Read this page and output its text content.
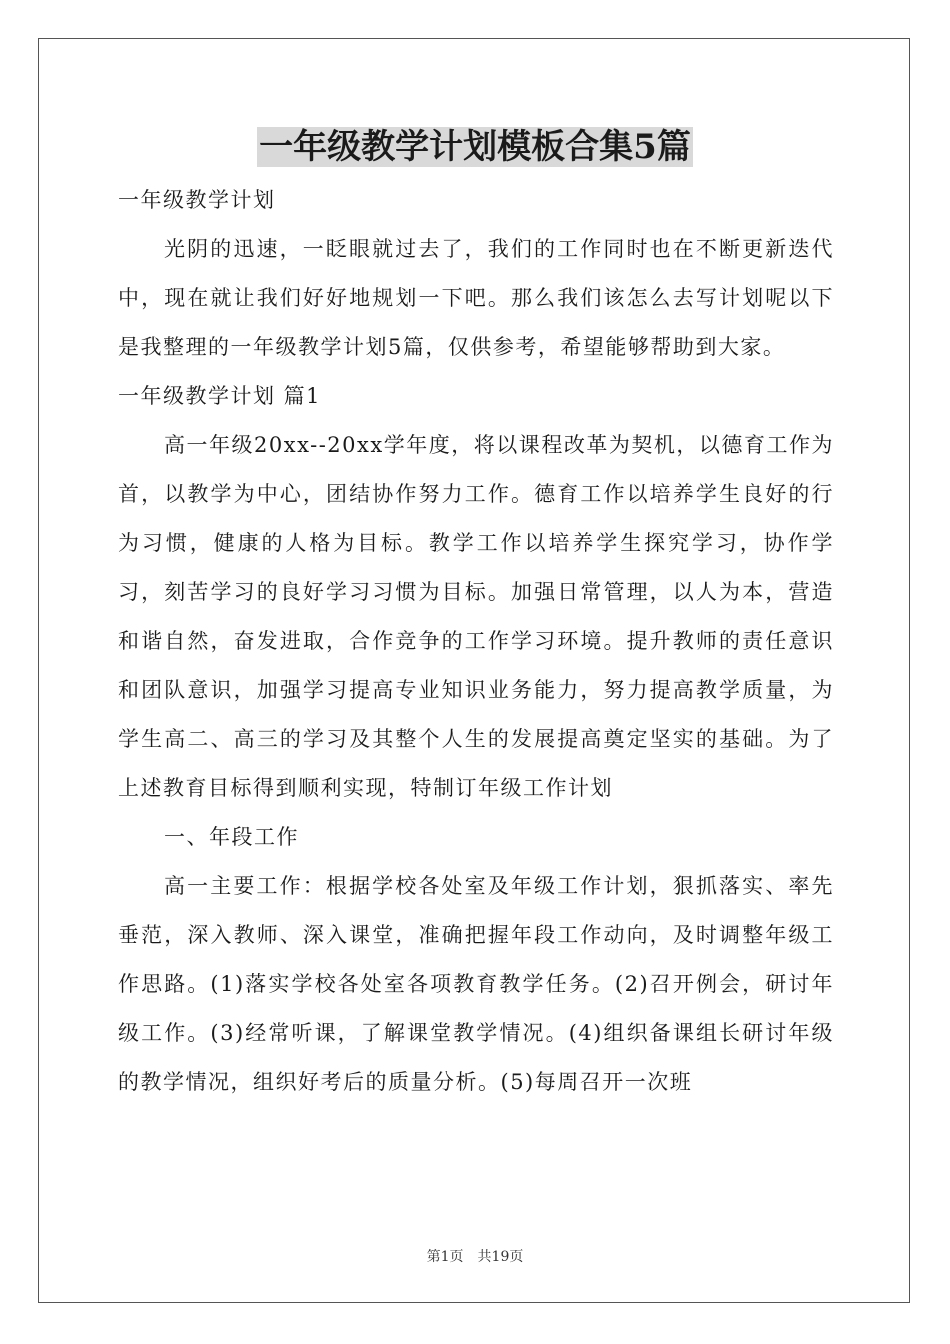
一年级教学计划模板合集5篇

一年级教学计划

光阴的迅速，一眨眼就过去了，我们的工作同时也在不断更新迭代中，现在就让我们好好地规划一下吧。那么我们该怎么去写计划呢以下是我整理的一年级教学计划5篇，仅供参考，希望能够帮助到大家。

一年级教学计划 篇1

高一年级20xx--20xx学年度，将以课程改革为契机，以德育工作为首，以教学为中心，团结协作努力工作。德育工作以培养学生良好的行为习惯，健康的人格为目标。教学工作以培养学生探究学习，协作学习，刻苦学习的良好学习习惯为目标。加强日常管理，以人为本，营造和谐自然，奋发进取，合作竞争的工作学习环境。提升教师的责任意识和团队意识，加强学习提高专业知识业务能力，努力提高教学质量，为学生高二、高三的学习及其整个人生的发展提高奠定坚实的基础。为了上述教育目标得到顺利实现，特制订年级工作计划

一、年段工作

高一主要工作：根据学校各处室及年级工作计划，狠抓落实、率先垂范，深入教师、深入课堂，准确把握年段工作动向，及时调整年级工作思路。(1)落实学校各处室各项教育教学任务。(2)召开例会，研讨年级工作。(3)经常听课，了解课堂教学情况。(4)组织备课组长研讨年级的教学情况，组织好考后的质量分析。(5)每周召开一次班

第1页　共19页
